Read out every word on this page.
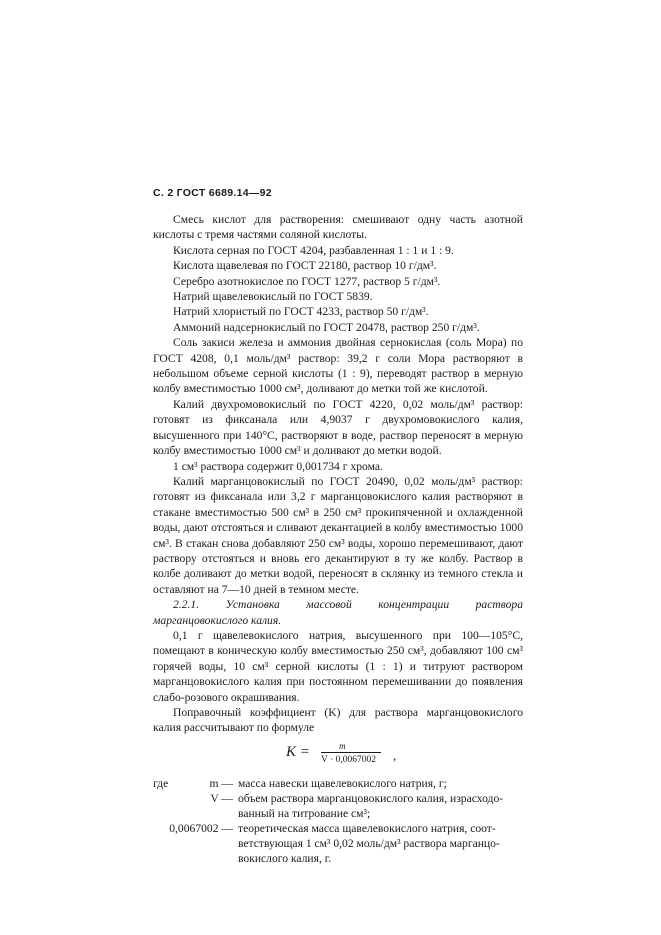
С. 2 ГОСТ 6689.14—92

Смесь кислот для растворения: смешивают одну часть азотной кислоты с тремя частями соляной кислоты.

Кислота серная по ГОСТ 4204, разбавленная 1 : 1 и 1 : 9.

Кислота щавелевая по ГОСТ 22180, раствор 10 г/дм³.

Серебро азотнокислое по ГОСТ 1277, раствор 5 г/дм³.

Натрий щавелевокислый по ГОСТ 5839.

Натрий хлористый по ГОСТ 4233, раствор 50 г/дм³.

Аммоний надсернокислый по ГОСТ 20478, раствор 250 г/дм³.

Соль закиси железа и аммония двойная сернокислая (соль Мора) по ГОСТ 4208, 0,1 моль/дм³ раствор: 39,2 г соли Мора растворяют в небольшом объеме серной кислоты (1 : 9), переводят раствор в мерную колбу вместимостью 1000 см³, доливают до метки той же кислотой.

Калий двухромовокислый по ГОСТ 4220, 0,02 моль/дм³ раствор: готовят из фиксанала или 4,9037 г двухромовокислого калия, высушенного при 140°С, растворяют в воде, раствор переносят в мерную колбу вместимостью 1000 см³ и доливают до метки водой.

1 см³ раствора содержит 0,001734 г хрома.

Калий марганцовокислый по ГОСТ 20490, 0,02 моль/дм³ раствор: готовят из фиксанала или 3,2 г марганцовокислого калия растворяют в стакане вместимостью 500 см³ в 250 см³ прокипяченной и охлажденной воды, дают отстояться и сливают декантацией в колбу вместимостью 1000 см³. В стакан снова добавляют 250 см³ воды, хорошо перемешивают, дают раствору отстояться и вновь его декантируют в ту же колбу. Раствор в колбе доливают до метки водой, переносят в склянку из темного стекла и оставляют на 7—10 дней в темном месте.

2.2.1. Установка массовой концентрации раствора марганцовокислого калия.

0,1 г щавелевокислого натрия, высушенного при 100—105°С, помещают в коническую колбу вместимостью 250 см³, добавляют 100 см³ горячей воды, 10 см³ серной кислоты (1 : 1) и титруют раствором марганцовокислого калия при постоянном перемешивании до появления слабо-розового окрашивания.

Поправочный коэффициент (K) для раствора марганцовокислого калия рассчитывают по формуле

K =	m
V · 0,0067002 ,
где	m — масса навески щавелевокислого натрия, г;
V — объем раствора марганцовокислого калия, израсходо-
ванный на титрование см³;
0,0067002 — теоретическая масса щавелевокислого натрия, соот-
ветствующая 1 см³ 0,02 моль/дм³ раствора марганцо-
вокислого калия, г.
